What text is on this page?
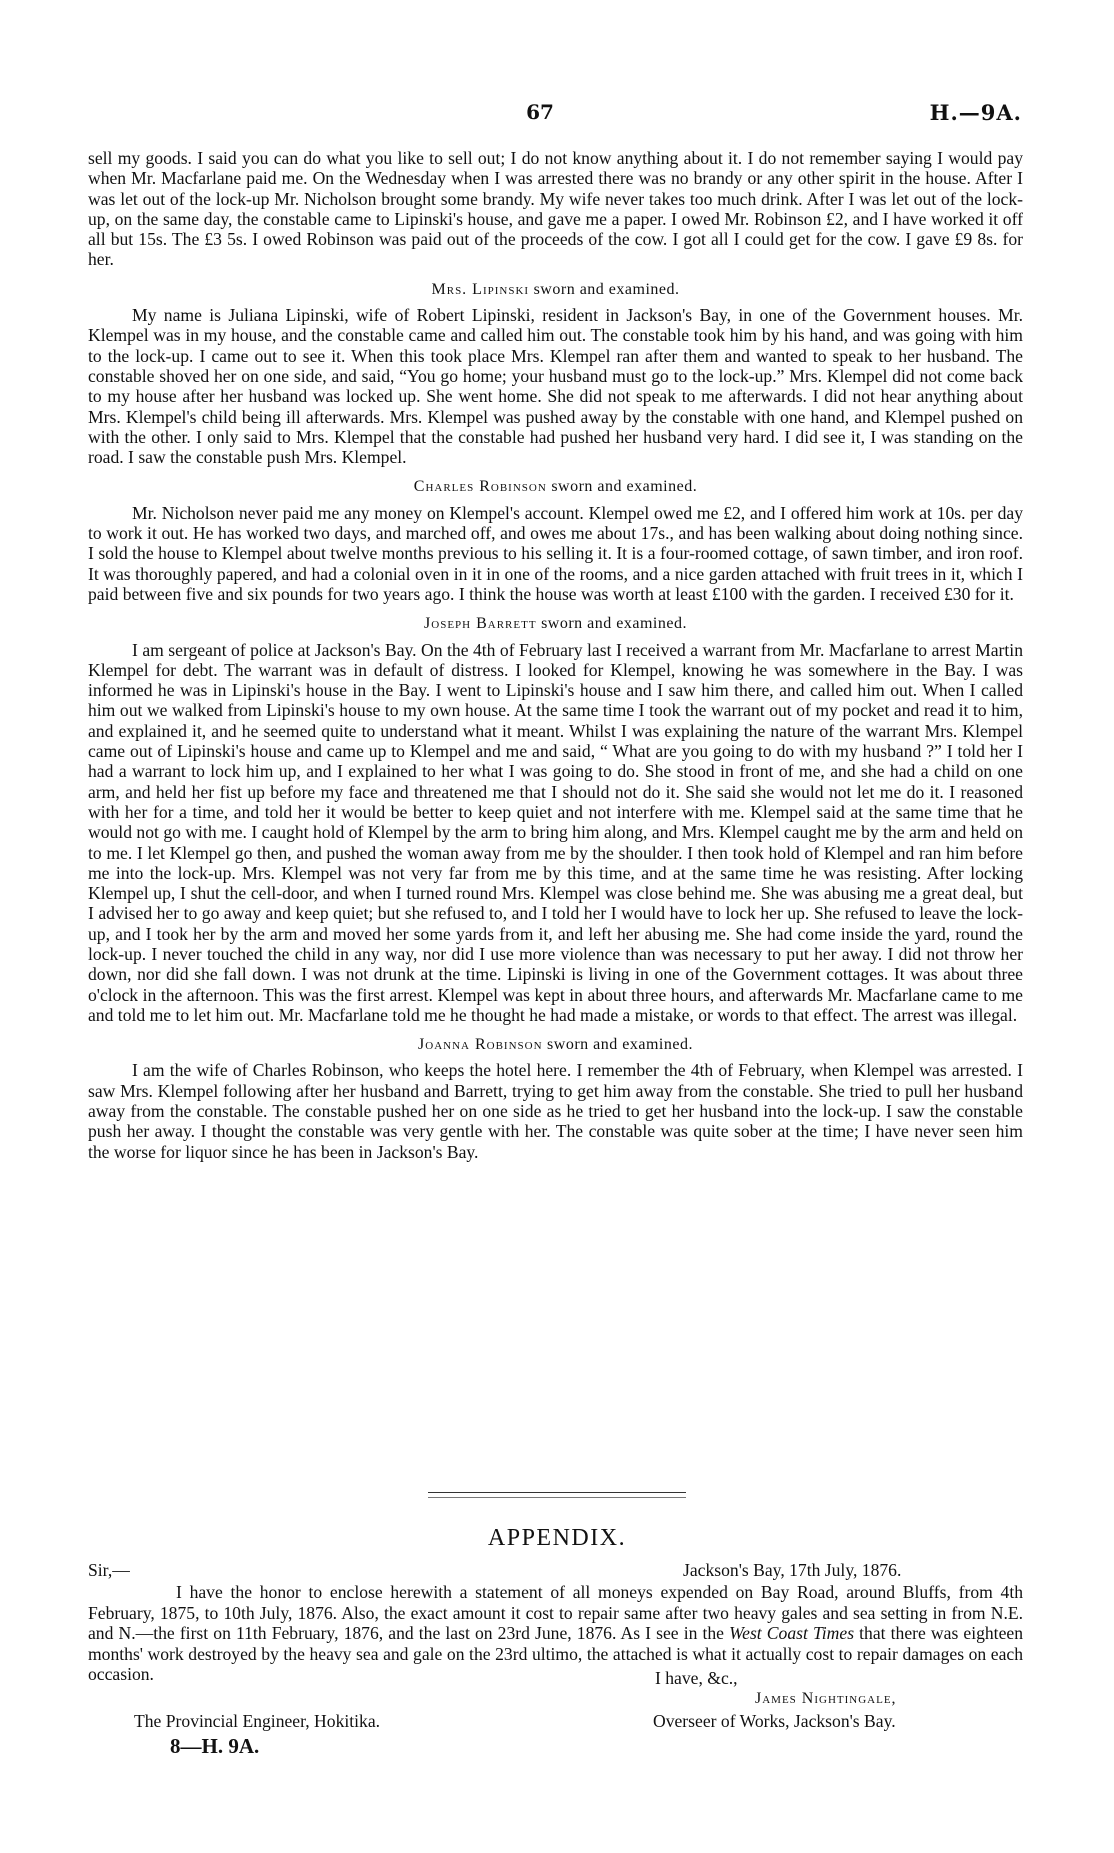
67	H.—9A.

sell my goods. I said you can do what you like to sell out; I do not know anything about it. I do not remember saying I would pay when Mr. Macfarlane paid me. On the Wednesday when I was arrested there was no brandy or any other spirit in the house. After I was let out of the lock-up Mr. Nicholson brought some brandy. My wife never takes too much drink. After I was let out of the lock-up, on the same day, the constable came to Lipinski's house, and gave me a paper. I owed Mr. Robinson £2, and I have worked it off all but 15s. The £3 5s. I owed Robinson was paid out of the proceeds of the cow. I got all I could get for the cow. I gave £9 8s. for her.

Mrs. Lipinski sworn and examined.

My name is Juliana Lipinski, wife of Robert Lipinski, resident in Jackson's Bay, in one of the Government houses. Mr. Klempel was in my house, and the constable came and called him out. The constable took him by his hand, and was going with him to the lock-up. I came out to see it. When this took place Mrs. Klempel ran after them and wanted to speak to her husband. The constable shoved her on one side, and said, “You go home; your husband must go to the lock-up.” Mrs. Klempel did not come back to my house after her husband was locked up. She went home. She did not speak to me afterwards. I did not hear anything about Mrs. Klempel's child being ill afterwards. Mrs. Klempel was pushed away by the constable with one hand, and Klempel pushed on with the other. I only said to Mrs. Klempel that the constable had pushed her husband very hard. I did see it, I was standing on the road. I saw the constable push Mrs. Klempel.

Charles Robinson sworn and examined.

Mr. Nicholson never paid me any money on Klempel's account. Klempel owed me £2, and I offered him work at 10s. per day to work it out. He has worked two days, and marched off, and owes me about 17s., and has been walking about doing nothing since. I sold the house to Klempel about twelve months previous to his selling it. It is a four-roomed cottage, of sawn timber, and iron roof. It was thoroughly papered, and had a colonial oven in it in one of the rooms, and a nice garden attached with fruit trees in it, which I paid between five and six pounds for two years ago. I think the house was worth at least £100 with the garden. I received £30 for it.

Joseph Barrett sworn and examined.

I am sergeant of police at Jackson's Bay. On the 4th of February last I received a warrant from Mr. Macfarlane to arrest Martin Klempel for debt. The warrant was in default of distress. I looked for Klempel, knowing he was somewhere in the Bay. I was informed he was in Lipinski's house in the Bay. I went to Lipinski's house and I saw him there, and called him out. When I called him out we walked from Lipinski's house to my own house. At the same time I took the warrant out of my pocket and read it to him, and explained it, and he seemed quite to understand what it meant. Whilst I was explaining the nature of the warrant Mrs. Klempel came out of Lipinski's house and came up to Klempel and me and said, “ What are you going to do with my husband ?” I told her I had a warrant to lock him up, and I explained to her what I was going to do. She stood in front of me, and she had a child on one arm, and held her fist up before my face and threatened me that I should not do it. She said she would not let me do it. I reasoned with her for a time, and told her it would be better to keep quiet and not interfere with me. Klempel said at the same time that he would not go with me. I caught hold of Klempel by the arm to bring him along, and Mrs. Klempel caught me by the arm and held on to me. I let Klempel go then, and pushed the woman away from me by the shoulder. I then took hold of Klempel and ran him before me into the lock-up. Mrs. Klempel was not very far from me by this time, and at the same time he was resisting. After locking Klempel up, I shut the cell-door, and when I turned round Mrs. Klempel was close behind me. She was abusing me a great deal, but I advised her to go away and keep quiet; but she refused to, and I told her I would have to lock her up. She refused to leave the lock-up, and I took her by the arm and moved her some yards from it, and left her abusing me. She had come inside the yard, round the lock-up. I never touched the child in any way, nor did I use more violence than was necessary to put her away. I did not throw her down, nor did she fall down. I was not drunk at the time. Lipinski is living in one of the Government cottages. It was about three o'clock in the afternoon. This was the first arrest. Klempel was kept in about three hours, and afterwards Mr. Macfarlane came to me and told me to let him out. Mr. Macfarlane told me he thought he had made a mistake, or words to that effect. The arrest was illegal.

Joanna Robinson sworn and examined.

I am the wife of Charles Robinson, who keeps the hotel here. I remember the 4th of February, when Klempel was arrested. I saw Mrs. Klempel following after her husband and Barrett, trying to get him away from the constable. She tried to pull her husband away from the constable. The constable pushed her on one side as he tried to get her husband into the lock-up. I saw the constable push her away. I thought the constable was very gentle with her. The constable was quite sober at the time; I have never seen him the worse for liquor since he has been in Jackson's Bay.

APPENDIX.
Sir,—	Jackson's Bay, 17th July, 1876.

I have the honor to enclose herewith a statement of all moneys expended on Bay Road, around Bluffs, from 4th February, 1875, to 10th July, 1876. Also, the exact amount it cost to repair same after two heavy gales and sea setting in from N.E. and N.—the first on 11th February, 1876, and the last on 23rd June, 1876. As I see in the West Coast Times that there was eighteen months' work destroyed by the heavy sea and gale on the 23rd ultimo, the attached is what it actually cost to repair damages on each occasion.	I have, &c.,
James Nightingale,
Overseer of Works, Jackson's Bay.
The Provincial Engineer, Hokitika.
8—H. 9A.
